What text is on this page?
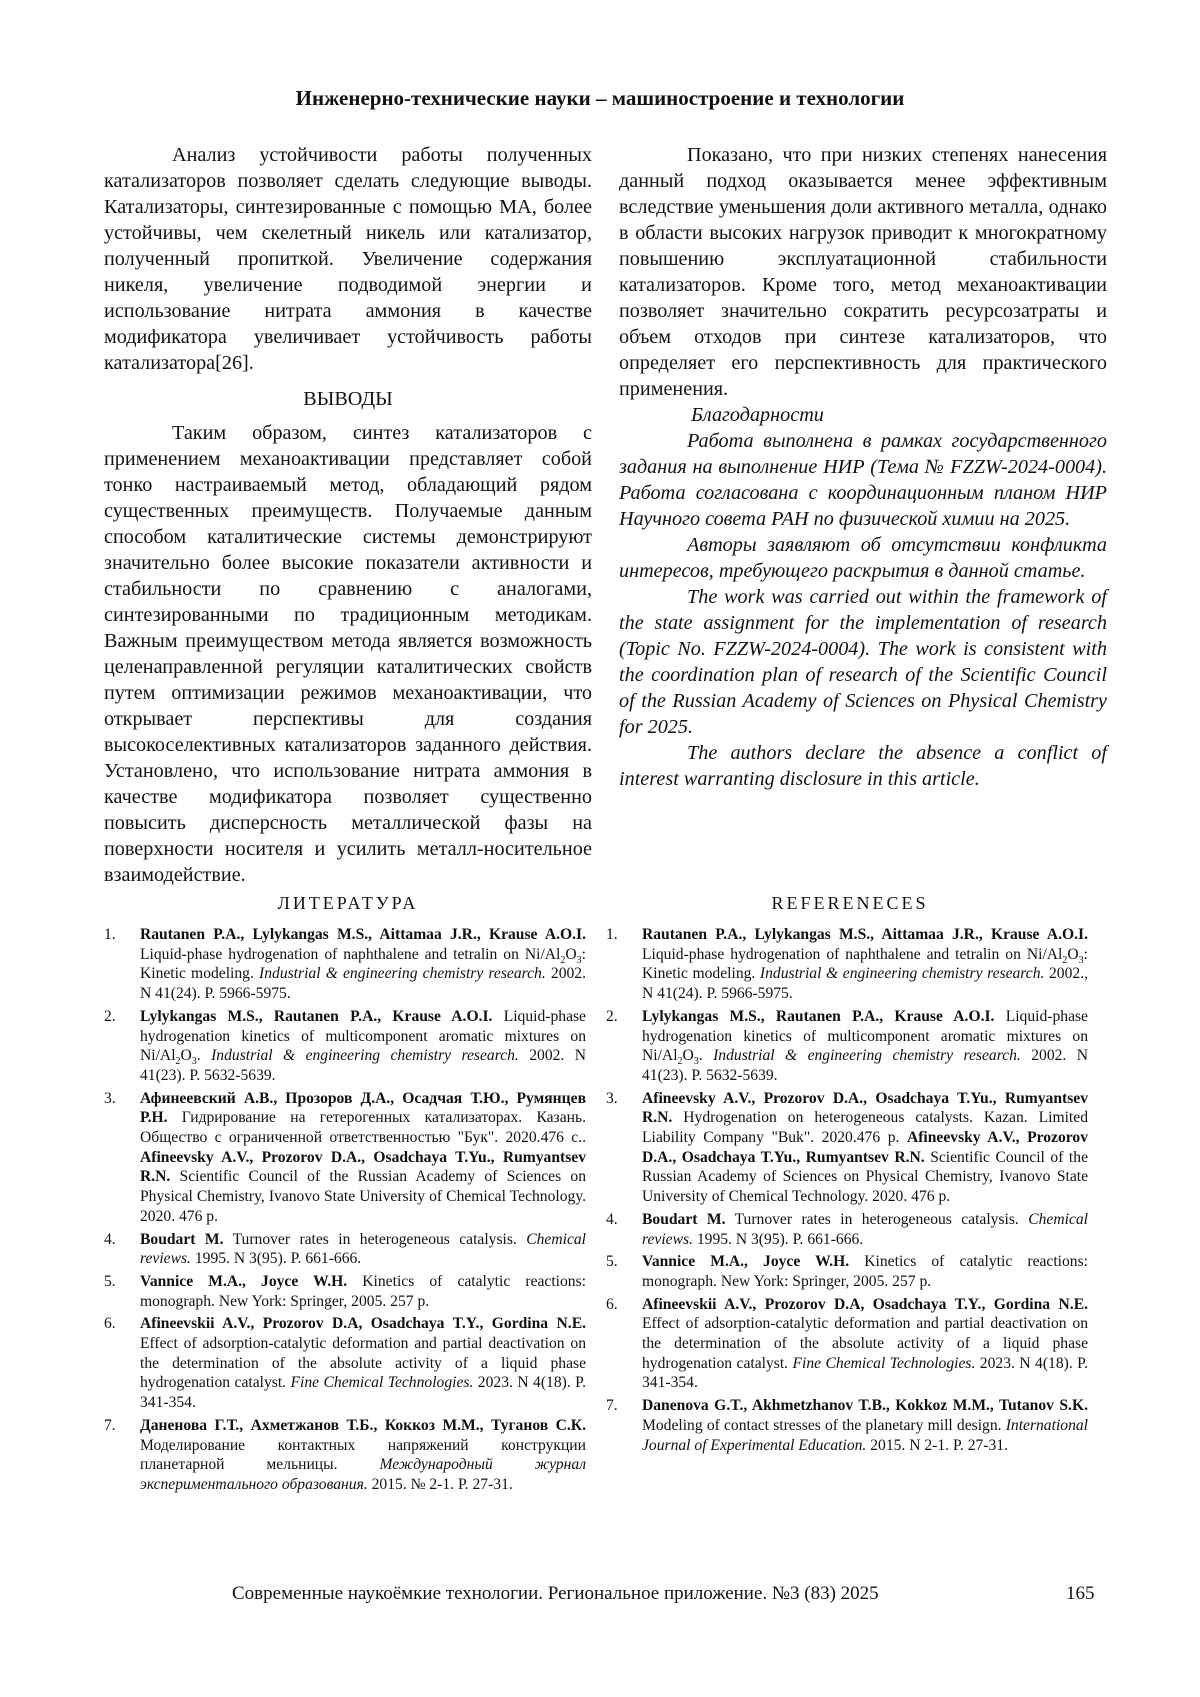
Инженерно-технические науки – машиностроение и технологии

Анализ устойчивости работы полученных катализаторов позволяет сделать следующие выводы. Катализаторы, синтезированные с помощью МА, более устойчивы, чем скелетный никель или катализатор, полученный пропиткой. Увеличение содержания никеля, увеличение подводимой энергии и использование нитрата аммония в качестве модификатора увеличивает устойчивость работы катализатора[26].

ВЫВОДЫ

Таким образом, синтез катализаторов с применением механоактивации представляет собой тонко настраиваемый метод, обладающий рядом существенных преимуществ. Получаемые данным способом каталитические системы демонстрируют значительно более высокие показатели активности и стабильности по сравнению с аналогами, синтезированными по традиционным методикам. Важным преимуществом метода является возможность целенаправленной регуляции каталитических свойств путем оптимизации режимов механоактивации, что открывает перспективы для создания высокоселективных катализаторов заданного действия. Установлено, что использование нитрата аммония в качестве модификатора позволяет существенно повысить дисперсность металлической фазы на поверхности носителя и усилить металл-носительное взаимодействие.

Показано, что при низких степенях нанесения данный подход оказывается менее эффективным вследствие уменьшения доли активного металла, однако в области высоких нагрузок приводит к многократному повышению эксплуатационной стабильности катализаторов. Кроме того, метод механоактивации позволяет значительно сократить ресурсозатраты и объем отходов при синтезе катализаторов, что определяет его перспективность для практического применения.

Благодарности

Работа выполнена в рамках государственного задания на выполнение НИР (Тема № FZZW-2024-0004). Работа согласована с координационным планом НИР Научного совета РАН по физической химии на 2025.

Авторы заявляют об отсутствии конфликта интересов, требующего раскрытия в данной статье.

The work was carried out within the framework of the state assignment for the implementation of research (Topic No. FZZW-2024-0004). The work is consistent with the coordination plan of research of the Scientific Council of the Russian Academy of Sciences on Physical Chemistry for 2025.

The authors declare the absence a conflict of interest warranting disclosure in this article.

ЛИТЕРАТУРА	REFERENECES
1. Rautanen P.A., Lylykangas M.S., Aittamaa J.R., Krause A.O.I. Liquid-phase hydrogenation of naphthalene and tetralin on $Ni/Al_2O_3$: Kinetic modeling. Industrial & engineering chemistry research. 2002. N 41(24). P. 5966-5975.
2. Lylykangas M.S., Rautanen P.A., Krause A.O.I. Liquid-phase hydrogenation kinetics of multicomponent aromatic mixtures on $Ni/Al_2O_3$. Industrial & engineering chemistry research. 2002. N 41(23). P. 5632-5639.
3. Афинеевский А.В., Прозоров Д.А., Осадчая Т.Ю., Румянцев Р.Н. Гидрирование на гетерогенных катализаторах. Казань. Общество с ограниченной ответственностью "Бук". 2020.476 с.. Afineevsky A.V., Prozorov D.A., Osadchaya T.Yu., Rumyantsev R.N. Scientific Council of the Russian Academy of Sciences on Physical Chemistry, Ivanovo State University of Chemical Technology. 2020. 476 p.
4. Boudart M. Turnover rates in heterogeneous catalysis. Chemical reviews. 1995. N 3(95). P. 661-666.
5. Vannice M.A., Joyce W.H. Kinetics of catalytic reactions: monograph. New York: Springer, 2005. 257 p.
6. Afineevskii A.V., Prozorov D.A, Osadchaya T.Y., Gordina N.E. Effect of adsorption-catalytic deformation and partial deactivation on the determination of the absolute activity of a liquid phase hydrogenation catalyst. Fine Chemical Technologies. 2023. N 4(18). P. 341-354.
7. Даненова Г.Т., Ахметжанов Т.Б., Коккоз М.М., Туганов С.К. Моделирование контактных напряжений конструкции планетарной мельницы. Международный журнал экспериментального образования. 2015. № 2-1. Р. 27-31.
1. Rautanen P.A., Lylykangas M.S., Aittamaa J.R., Krause A.O.I. Liquid-phase hydrogenation of naphthalene and tetralin on $Ni/Al_2O_3$: Kinetic modeling. Industrial & engineering chemistry research. 2002., N 41(24). P. 5966-5975.
2. Lylykangas M.S., Rautanen P.A., Krause A.O.I. Liquid-phase hydrogenation kinetics of multicomponent aromatic mixtures on $Ni/Al_2O_3$. Industrial & engineering chemistry research. 2002. N 41(23). P. 5632-5639.
3. Afineevsky A.V., Prozorov D.A., Osadchaya T.Yu., Rumyantsev R.N. Hydrogenation on heterogeneous catalysts. Kazan. Limited Liability Company "Buk". 2020.476 p. Afineevsky A.V., Prozorov D.A., Osadchaya T.Yu., Rumyantsev R.N. Scientific Council of the Russian Academy of Sciences on Physical Chemistry, Ivanovo State University of Chemical Technology. 2020. 476 p.
4. Boudart M. Turnover rates in heterogeneous catalysis. Chemical reviews. 1995. N 3(95). P. 661-666.
5. Vannice M.A., Joyce W.H. Kinetics of catalytic reactions: monograph. New York: Springer, 2005. 257 p.
6. Afineevskii A.V., Prozorov D.A, Osadchaya T.Y., Gordina N.E. Effect of adsorption-catalytic deformation and partial deactivation on the determination of the absolute activity of a liquid phase hydrogenation catalyst. Fine Chemical Technologies. 2023. N 4(18). P. 341-354.
7. Danenova G.T., Akhmetzhanov T.B., Kokkoz M.M., Tutanov S.K. Modeling of contact stresses of the planetary mill design. International Journal of Experimental Education. 2015. N 2-1. P. 27-31.
Современные наукоёмкие технологии. Региональное приложение. №3 (83) 2025	165
